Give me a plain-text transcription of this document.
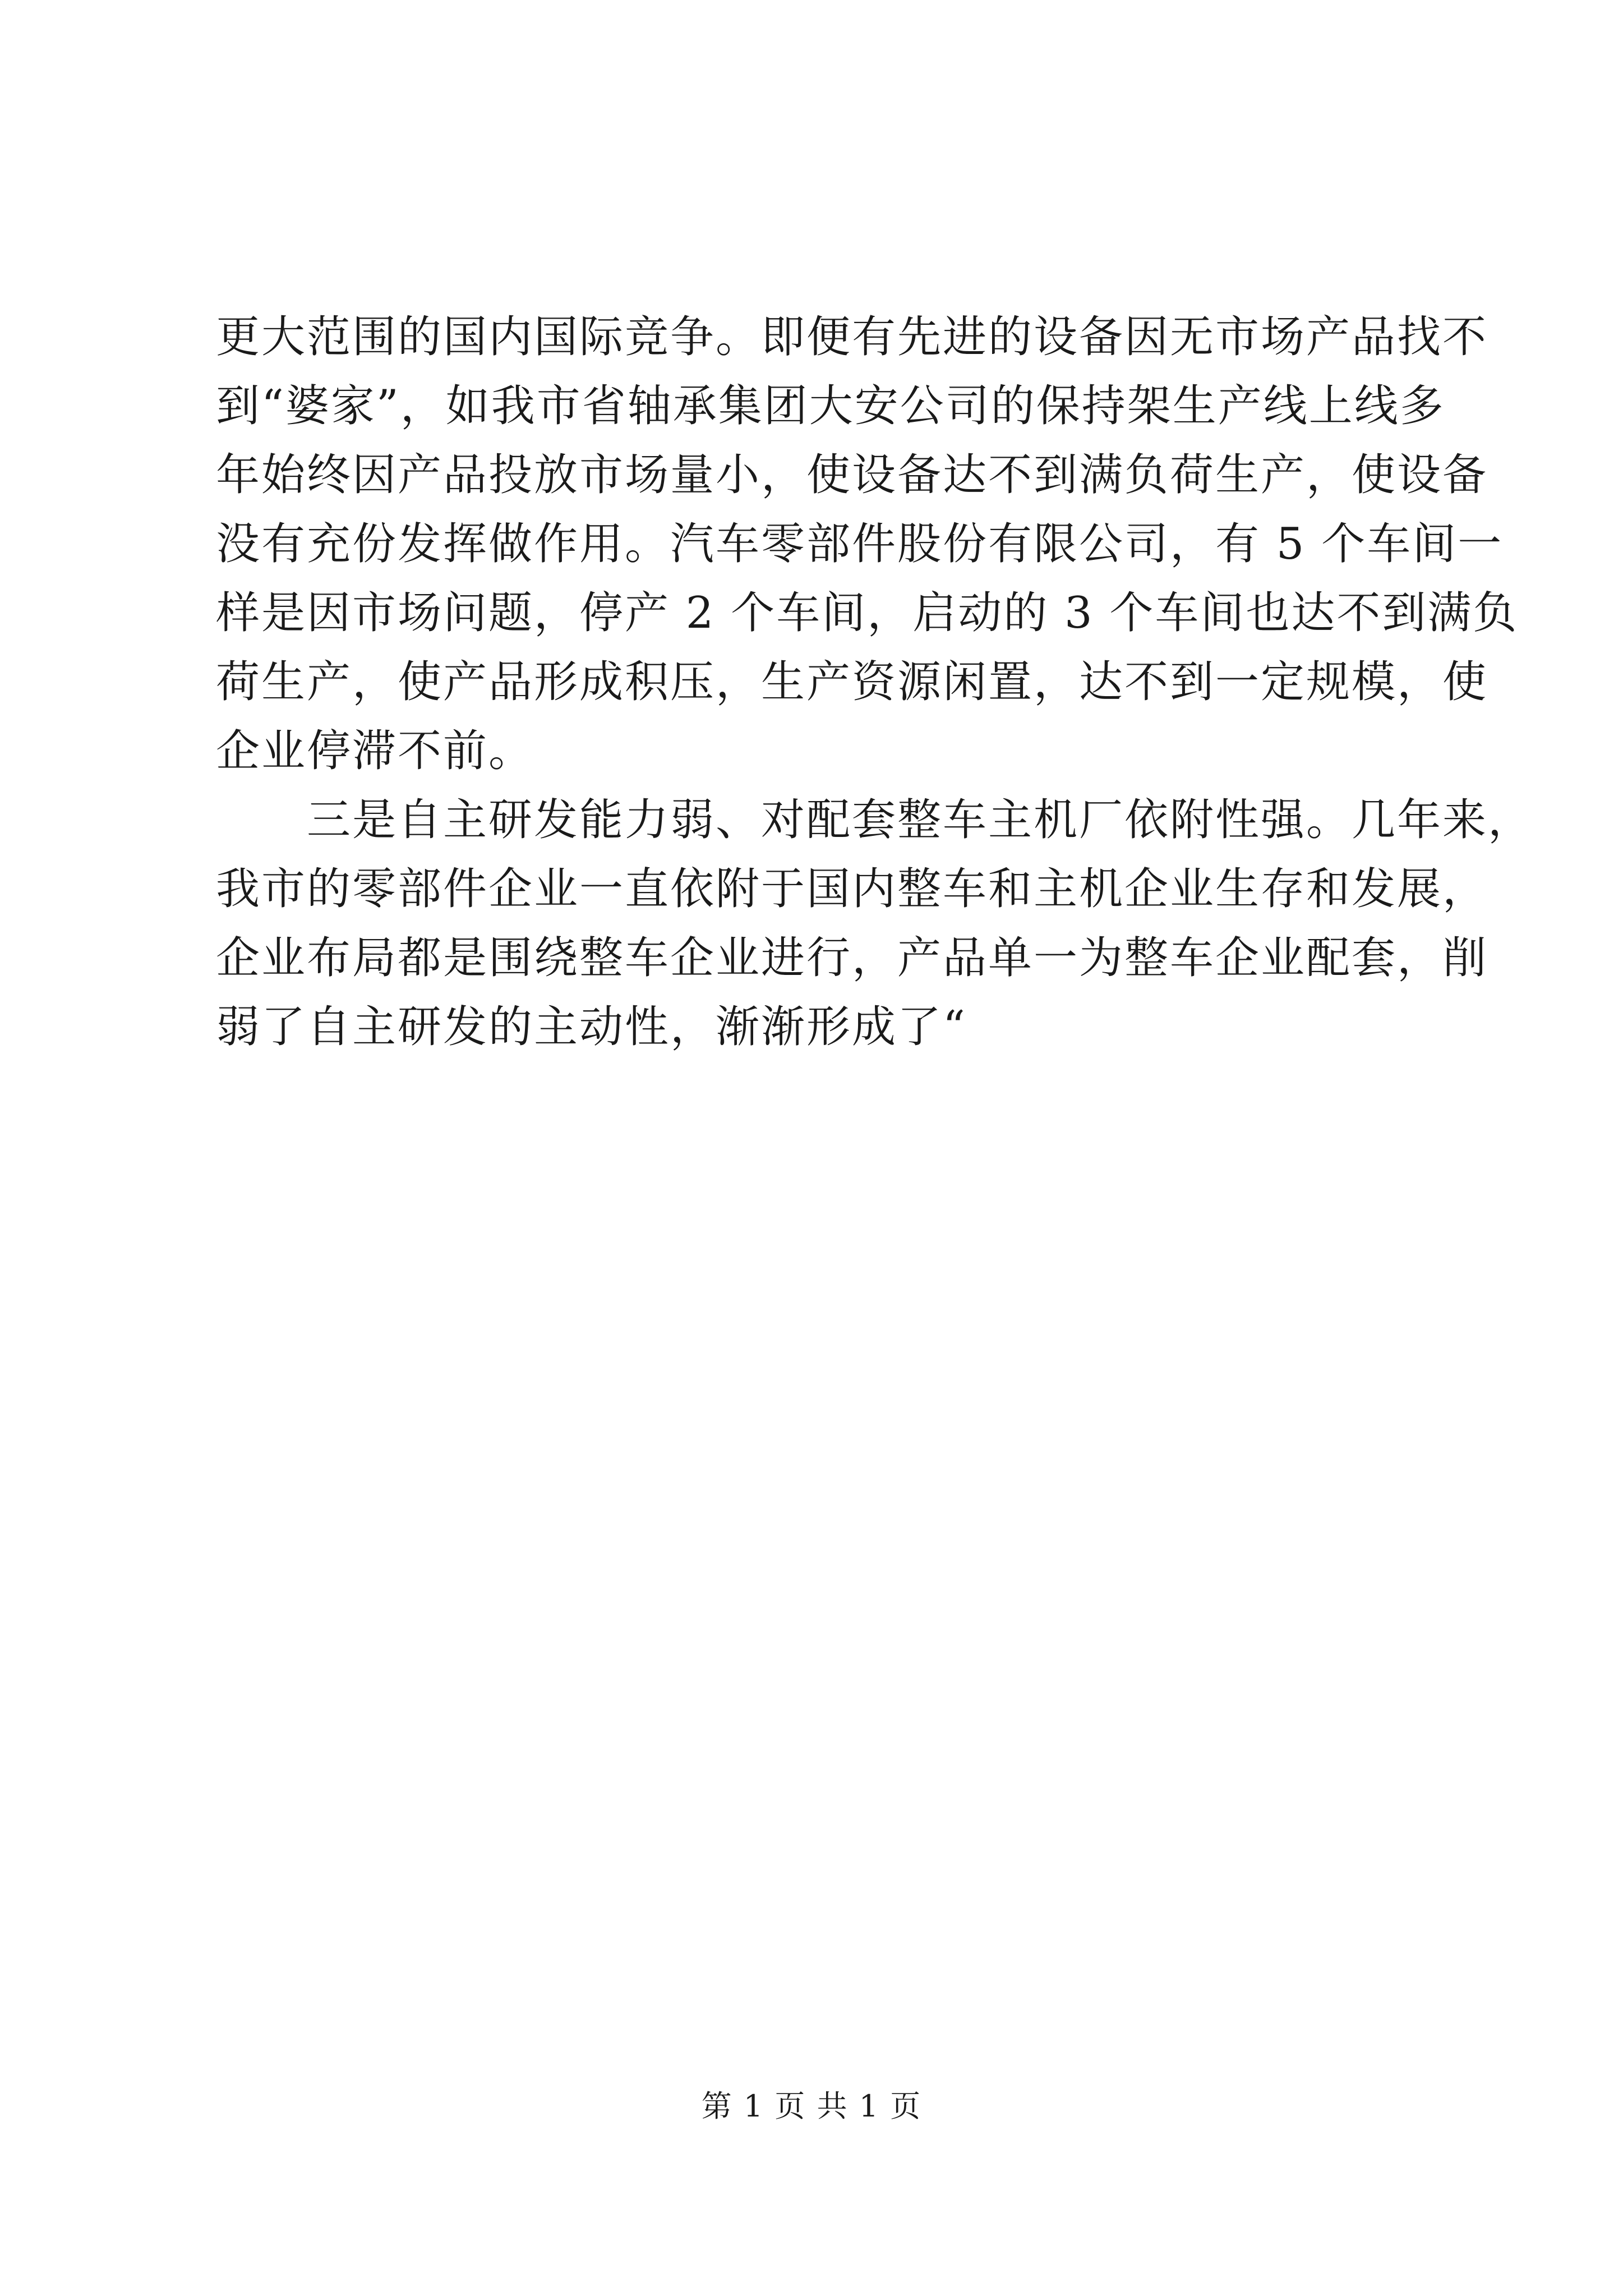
更大范围的国内国际竞争。即便有先进的设备因无市场产品找不
到“婆家”，如我市省轴承集团大安公司的保持架生产线上线多
年始终因产品投放市场量小，使设备达不到满负荷生产，使设备
没有充份发挥做作用。汽车零部件股份有限公司，有 5 个车间一
样是因市场问题，停产 2 个车间，启动的 3 个车间也达不到满负
荷生产，使产品形成积压，生产资源闲置，达不到一定规模，使
企业停滞不前。
　　三是自主研发能力弱、对配套整车主机厂依附性强。几年来，
我市的零部件企业一直依附于国内整车和主机企业生存和发展，
企业布局都是围绕整车企业进行，产品单一为整车企业配套，削
弱了自主研发的主动性，渐渐形成了“
第 1 页 共 1 页
